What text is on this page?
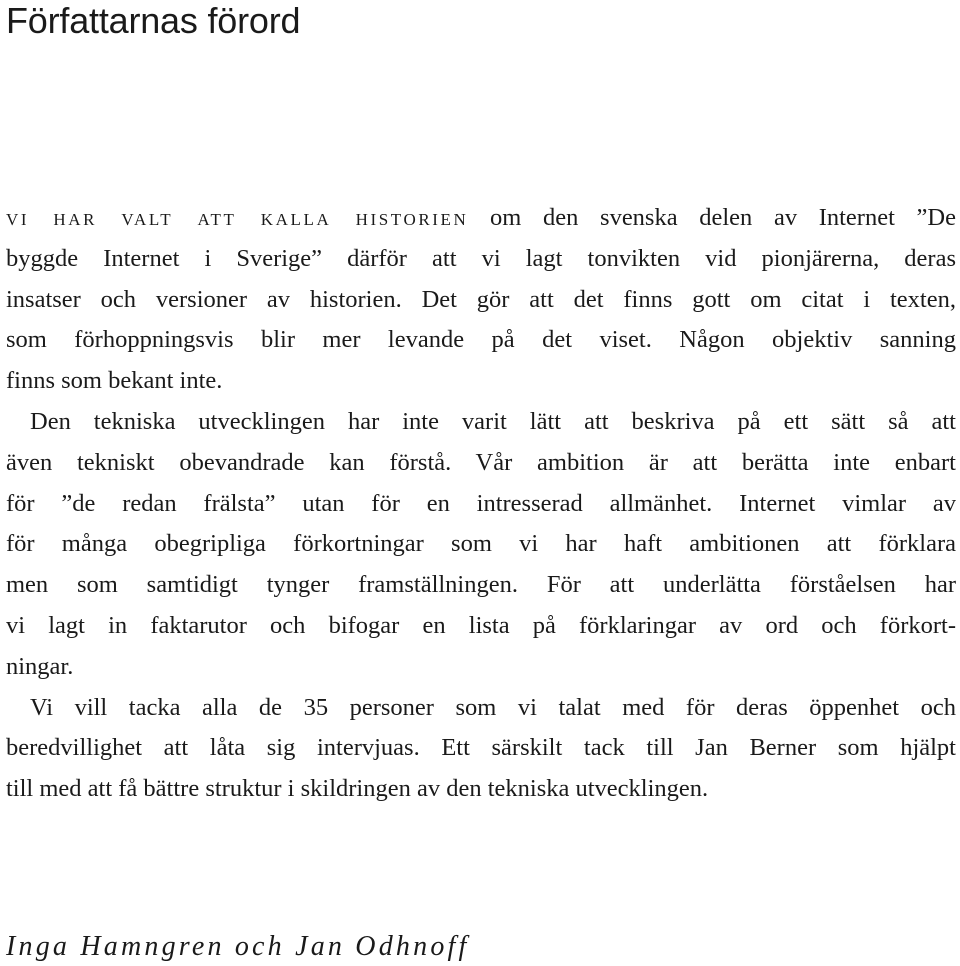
Författarnas förord
vi har valt att kalla historien om den svenska delen av Internet ”De
byggde Internet i Sverige” därför att vi lagt tonvikten vid pionjärerna, deras
insatser och versioner av historien. Det gör att det finns gott om citat i texten,
som förhoppningsvis blir mer levande på det viset. Någon objektiv sanning
finns som bekant inte.
Den tekniska utvecklingen har inte varit lätt att beskriva på ett sätt så att
även tekniskt obevandrade kan förstå. Vår ambition är att berätta inte enbart
för ”de redan frälsta” utan för en intresserad allmänhet. Internet vimlar av
för många obegripliga förkortningar som vi har haft ambitionen att förklara
men som samtidigt tynger framställningen. För att underlätta förståelsen har
vi lagt in faktarutor och bifogar en lista på förklaringar av ord och förkort-
ningar.
Vi vill tacka alla de 35 personer som vi talat med för deras öppenhet och
beredvillighet att låta sig intervjuas. Ett särskilt tack till Jan Berner som hjälpt
till med att få bättre struktur i skildringen av den tekniska utvecklingen.

Inga Hamngren och Jan Odhnoff
